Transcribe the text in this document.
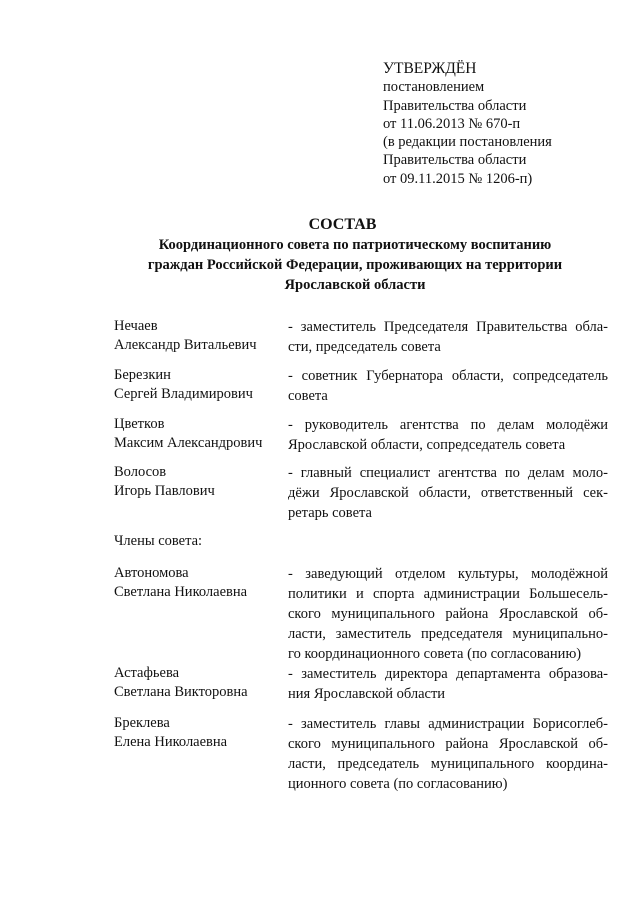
УТВЕРЖДЁН
постановлением
Правительства области
от 11.06.2013 № 670-п
(в редакции постановления
Правительства области
от 09.11.2015 № 1206-п)
СОСТАВ
Координационного совета по патриотическому воспитанию
граждан Российской Федерации, проживающих на территории
Ярославской области
Нечаев
Александр Витальевич
- заместитель Председателя Правительства обла-
сти, председатель совета
Березкин
Сергей Владимирович
- советник Губернатора области, сопредседатель
совета
Цветков
Максим Александрович
- руководитель агентства по делам молодёжи
Ярославской области, сопредседатель совета
Волосов
Игорь Павлович
- главный специалист агентства по делам моло-
дёжи Ярославской области, ответственный сек-
ретарь совета
Члены совета:
Автономова
Светлана Николаевна
- заведующий отделом культуры, молодёжной
политики и спорта администрации Большесель-
ского муниципального района Ярославской об-
ласти, заместитель председателя муниципально-
го координационного совета (по согласованию)
Астафьева
Светлана Викторовна
- заместитель директора департамента образова-
ния Ярославской области
Бреклева
Елена Николаевна
- заместитель главы администрации Борисоглеб-
ского муниципального района Ярославской об-
ласти, председатель муниципального координа-
ционного совета (по согласованию)
